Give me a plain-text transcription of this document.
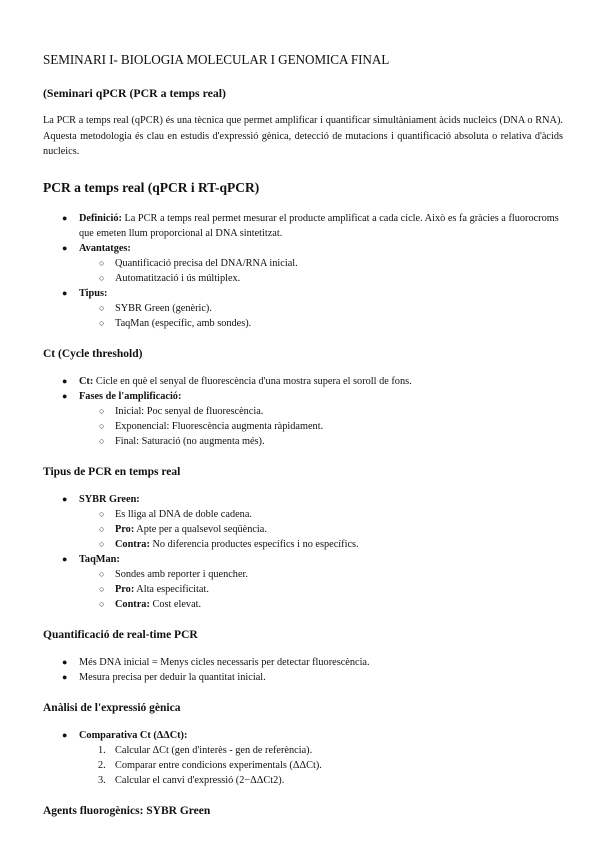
SEMINARI I- BIOLOGIA MOLECULAR I GENOMICA FINAL
(Seminari qPCR (PCR a temps real)

La PCR a temps real (qPCR) és una tècnica que permet amplificar i quantificar simultàniament àcids nucleics (DNA o RNA). Aquesta metodologia és clau en estudis d'expressió gènica, detecció de mutacions i quantificació absoluta o relativa d'àcids nucleics.

PCR a temps real (qPCR i RT-qPCR)
● Definició: La PCR a temps real permet mesurar el producte amplificat a cada cicle. Això es fa gràcies a fluorocroms que emeten llum proporcional al DNA sintetitzat.
● Avantatges:
○ Quantificació precisa del DNA/RNA inicial.
○ Automatització i ús múltiplex.
● Tipus:
○ SYBR Green (genèric).
○ TaqMan (específic, amb sondes).
Ct (Cycle threshold)
● Ct: Cicle en què el senyal de fluorescència d'una mostra supera el soroll de fons.
● Fases de l'amplificació:
○ Inicial: Poc senyal de fluorescència.
○ Exponencial: Fluorescència augmenta ràpidament.
○ Final: Saturació (no augmenta més).
Tipus de PCR en temps real
● SYBR Green:
○ Es lliga al DNA de doble cadena.
○ Pro: Apte per a qualsevol seqüència.
○ Contra: No diferencia productes específics i no específics.
● TaqMan:
○ Sondes amb reporter i quencher.
○ Pro: Alta especificitat.
○ Contra: Cost elevat.
Quantificació de real-time PCR
● Més DNA inicial = Menys cicles necessaris per detectar fluorescència.
● Mesura precisa per deduir la quantitat inicial.
Anàlisi de l'expressió gènica
● Comparativa Ct (ΔΔCt):
1. Calcular ΔCt (gen d'interès - gen de referència).
2. Comparar entre condicions experimentals (ΔΔCt).
3. Calcular el canvi d'expressió (2−ΔΔCt2).
Agents fluorogènics: SYBR Green
